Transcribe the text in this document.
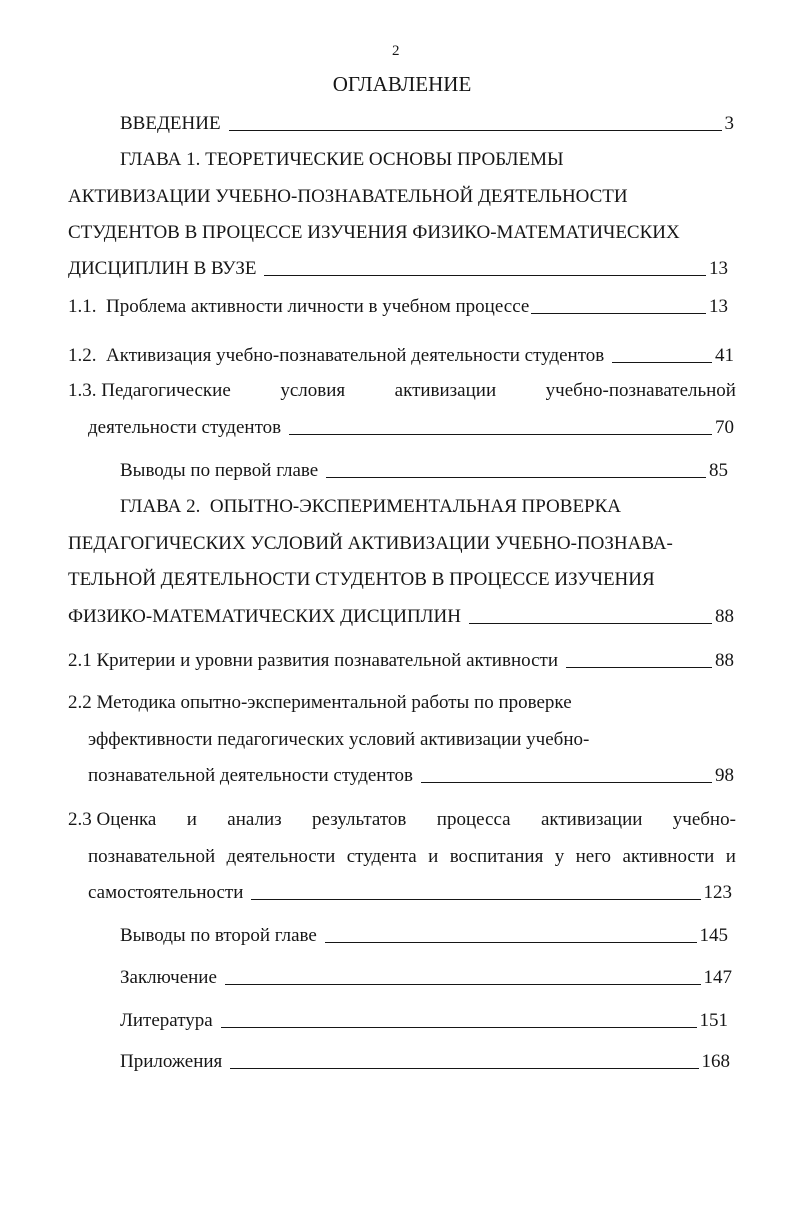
2
ОГЛАВЛЕНИЕ
ВВЕДЕНИЕ	3
ГЛАВА 1. ТЕОРЕТИЧЕСКИЕ ОСНОВЫ ПРОБЛЕМЫ
АКТИВИЗАЦИИ УЧЕБНО-ПОЗНАВАТЕЛЬНОЙ ДЕЯТЕЛЬНОСТИ
СТУДЕНТОВ В ПРОЦЕССЕ ИЗУЧЕНИЯ ФИЗИКО-МАТЕМАТИЧЕСКИХ
ДИСЦИПЛИН В ВУЗЕ	13
1.1.  Проблема активности личности в учебном процессе	13
1.2.  Активизация учебно-познавательной деятельности студентов	41
1.3. Педагогические	условия	активизации	учебно-познавательной
деятельности студентов	70
Выводы по первой главе	85
ГЛАВА 2.  ОПЫТНО-ЭКСПЕРИМЕНТАЛЬНАЯ ПРОВЕРКА
ПЕДАГОГИЧЕСКИХ УСЛОВИЙ АКТИВИЗАЦИИ УЧЕБНО-ПОЗНАВА-
ТЕЛЬНОЙ ДЕЯТЕЛЬНОСТИ СТУДЕНТОВ В ПРОЦЕССЕ ИЗУЧЕНИЯ
ФИЗИКО-МАТЕМАТИЧЕСКИХ ДИСЦИПЛИН	88
2.1 Критерии и уровни развития познавательной активности	88
2.2 Методика опытно-экспериментальной работы по проверке
эффективности педагогических условий активизации учебно-
познавательной деятельности студентов	98
2.3 Оценка и анализ результатов процесса активизации учебно-
познавательной деятельности студента и воспитания у него активности и
самостоятельности	123
Выводы по второй главе	145
Заключение	147
Литература	151
Приложения	168
